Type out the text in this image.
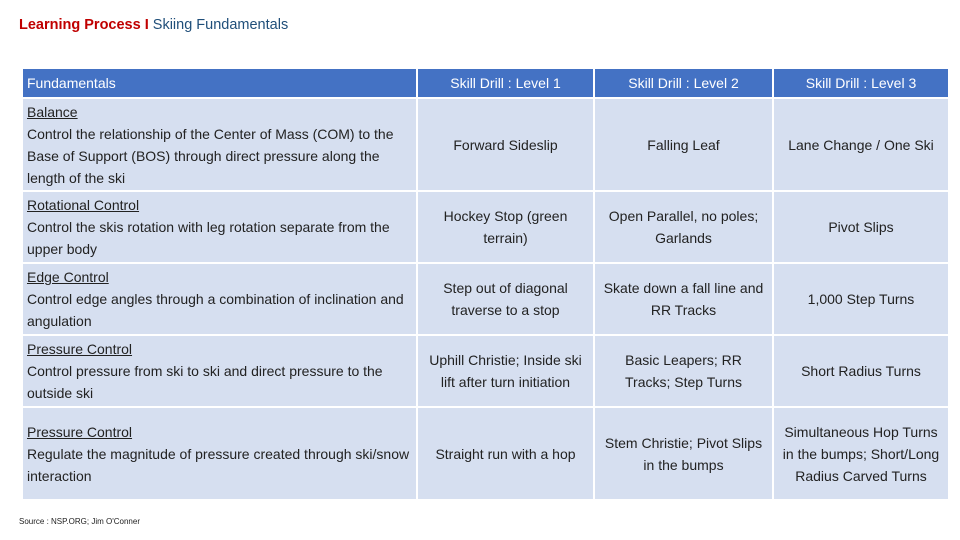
Learning Process I Skiing Fundamentals
Fundamentals	Skill Drill : Level 1	Skill Drill : Level 2	Skill Drill : Level 3

Balance
Control the relationship of the Center of Mass (COM) to the Base of Support (BOS) through direct pressure along the length of the ski	Forward Sideslip	Falling Leaf	Lane Change / One Ski

Rotational Control
Control the skis rotation with leg rotation separate from the upper body	Hockey Stop (green terrain)	Open Parallel, no poles; Garlands	Pivot Slips

Edge Control
Control edge angles through a combination of inclination and angulation	Step out of diagonal traverse to a stop	Skate down a fall line and RR Tracks	1,000 Step Turns

Pressure Control
Control pressure from ski to ski and direct pressure to the outside ski	Uphill Christie; Inside ski lift after turn initiation	Basic Leapers; RR Tracks; Step Turns	Short Radius Turns

Pressure Control
Regulate the magnitude of pressure created through ski/snow interaction	Straight run with a hop	Stem Christie; Pivot Slips in the bumps	Simultaneous Hop Turns in the bumps; Short/Long Radius Carved Turns
Source : NSP.ORG; Jim O'Conner
